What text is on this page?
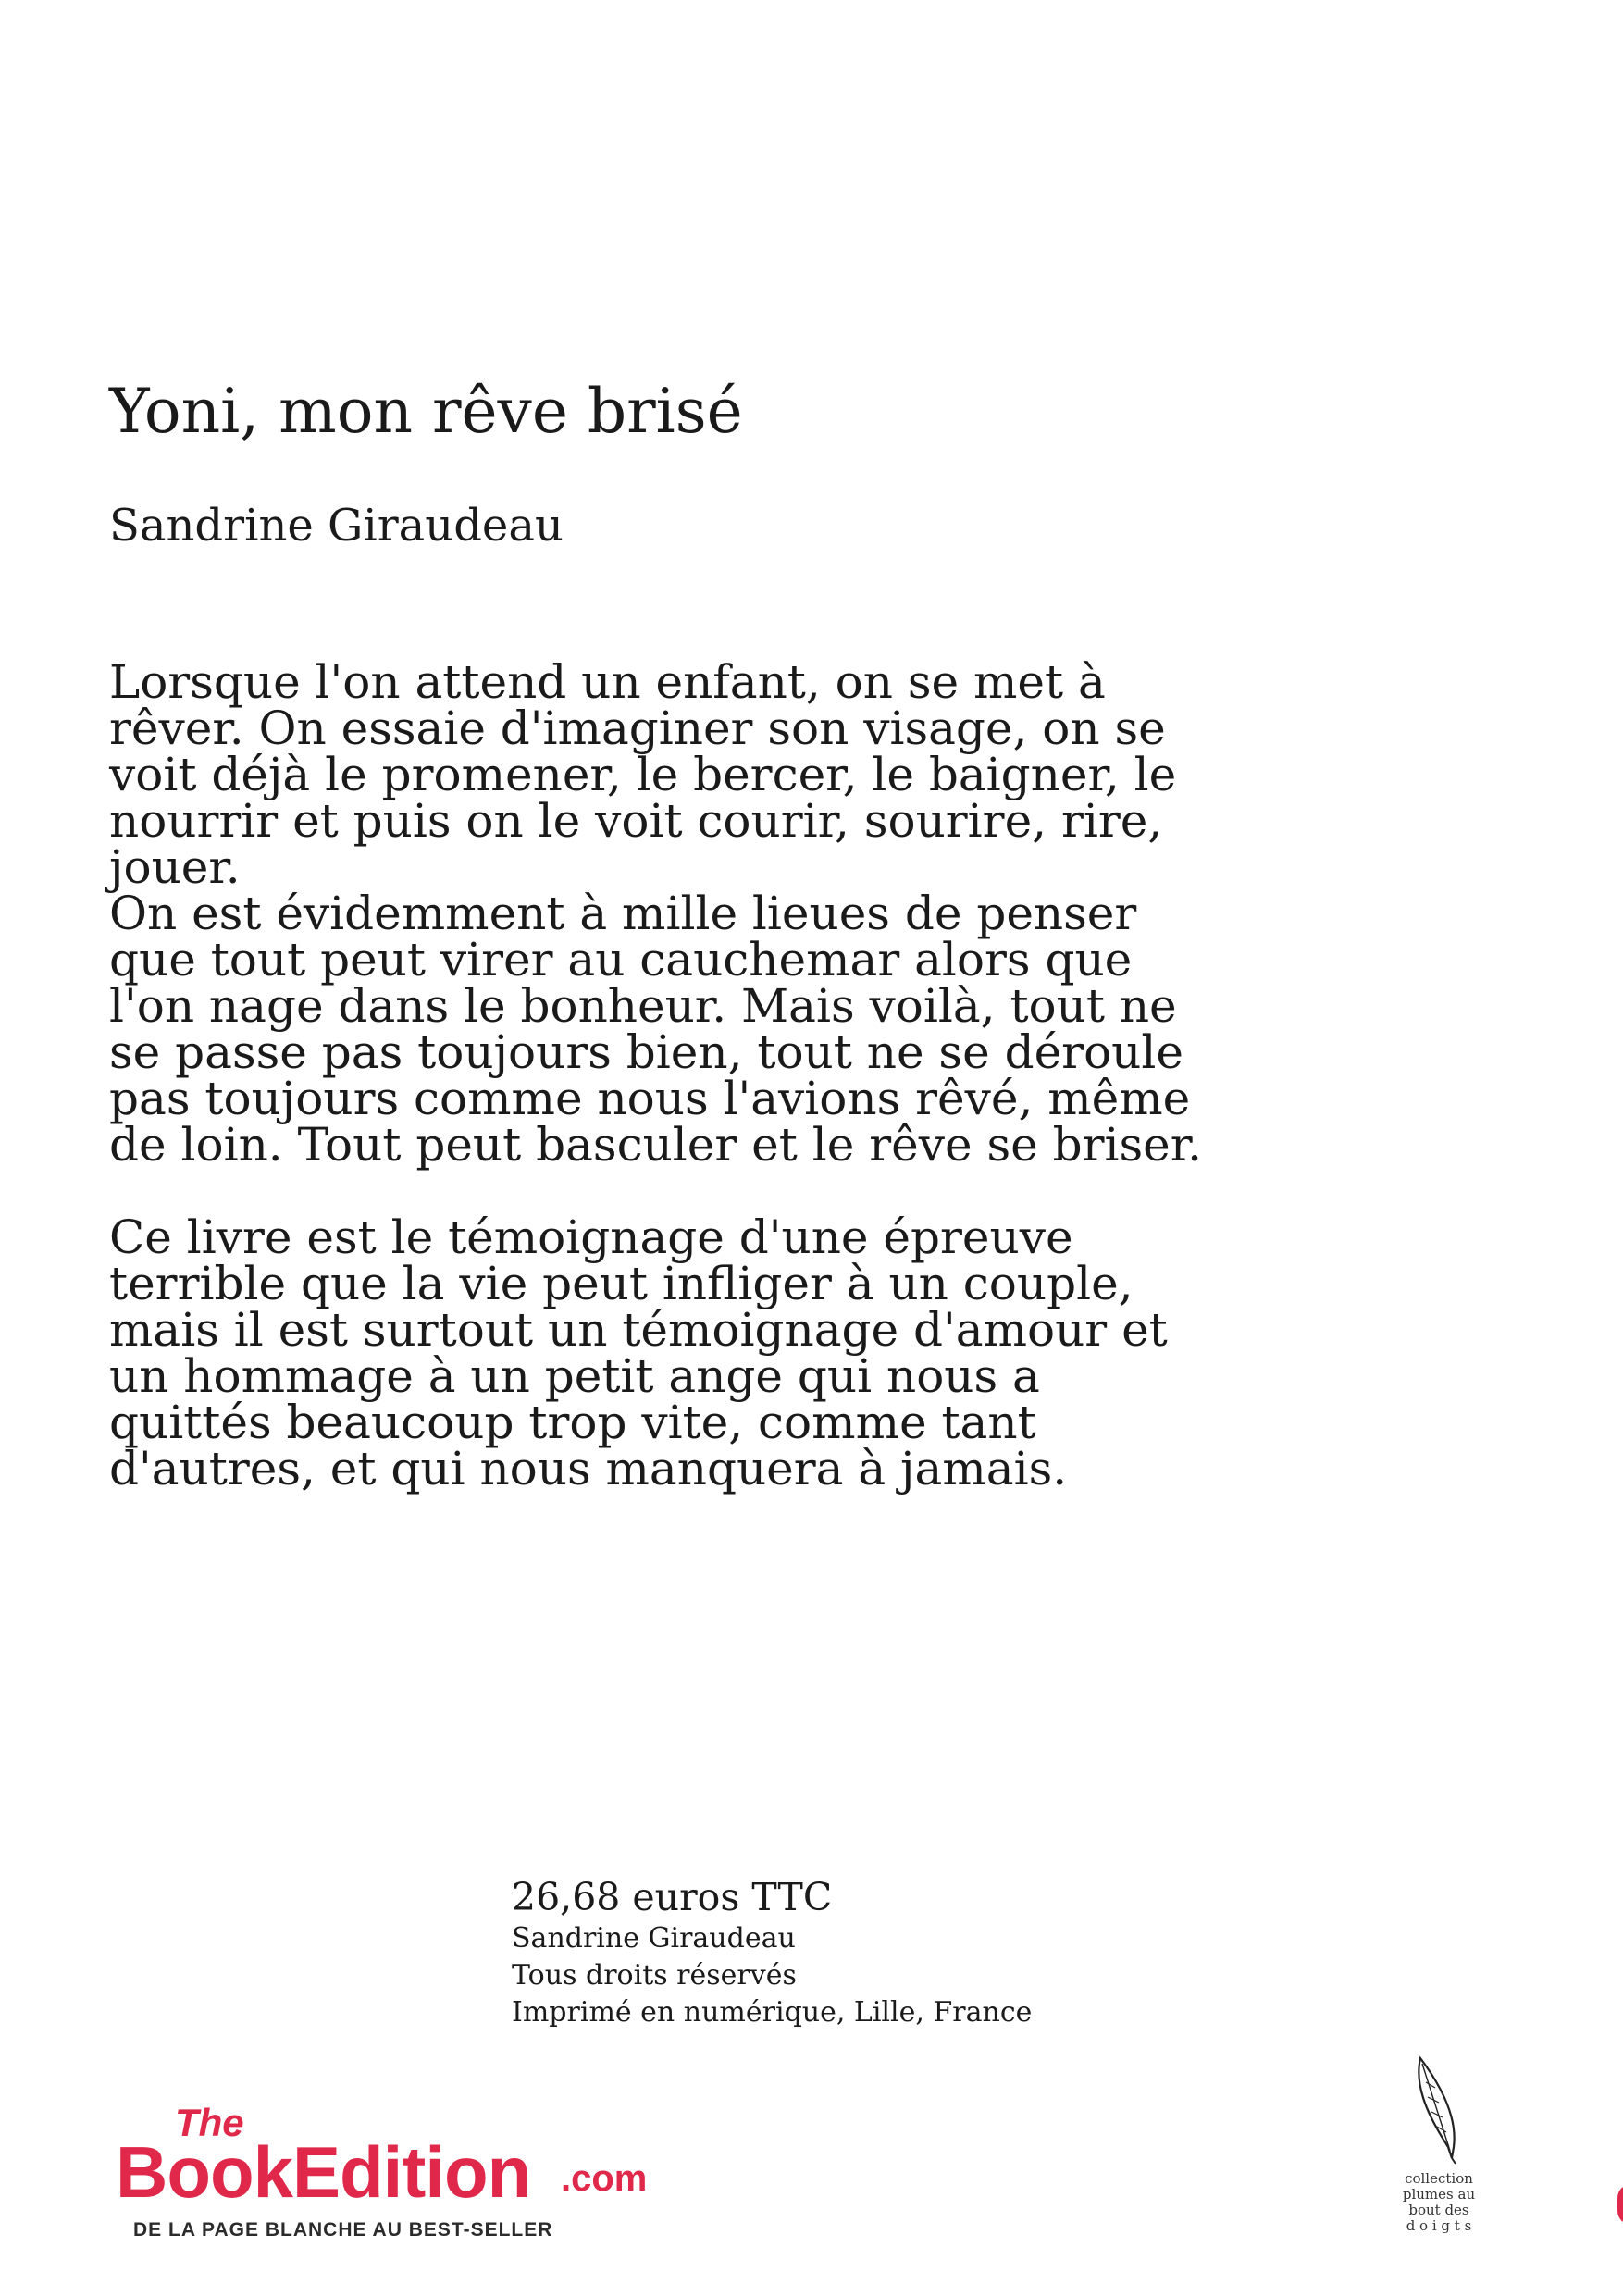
Yoni, mon rêve brisé
Sandrine Giraudeau

Lorsque l'on attend un enfant, on se met à
rêver. On essaie d'imaginer son visage, on se
voit déjà le promener, le bercer, le baigner, le
nourrir et puis on le voit courir, sourire, rire,
jouer.
On est évidemment à mille lieues de penser
que tout peut virer au cauchemar alors que
l'on nage dans le bonheur. Mais voilà, tout ne
se passe pas toujours bien, tout ne se déroule
pas toujours comme nous l'avions rêvé, même
de loin. Tout peut basculer et le rêve se briser.

Ce livre est le témoignage d'une épreuve
terrible que la vie peut infliger à un couple,
mais il est surtout un témoignage d'amour et
un hommage à un petit ange qui nous a
quittés beaucoup trop vite, comme tant
d'autres, et qui nous manquera à jamais.

26,68 euros TTC
Sandrine Giraudeau
Tous droits réservés
Imprimé en numérique, Lille, France
The
BookEdition .com
DE LA PAGE BLANCHE AU BEST-SELLER
collection
plumes au
bout des
d o i g t s
